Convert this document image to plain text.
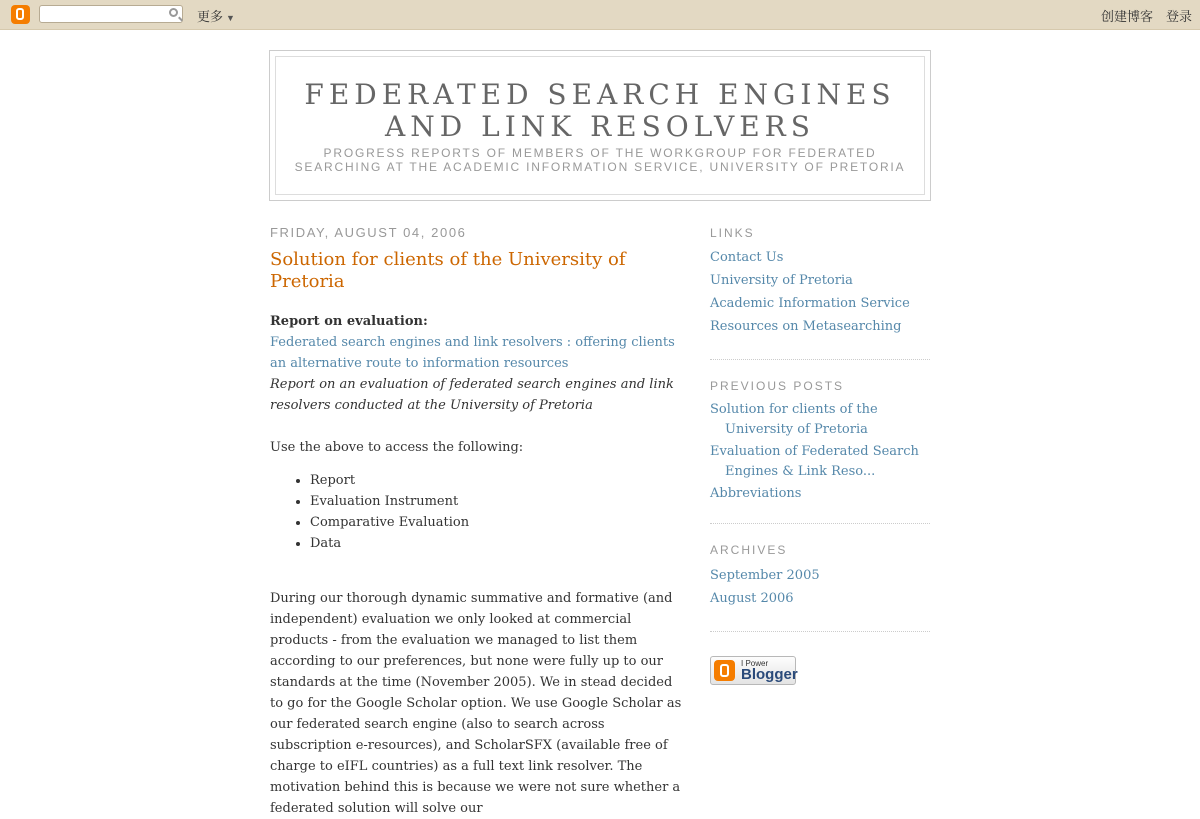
更多 ▼	创建博客 登录
FEDERATED SEARCH ENGINES AND LINK RESOLVERS
PROGRESS REPORTS OF MEMBERS OF THE WORKGROUP FOR FEDERATED SEARCHING AT THE ACADEMIC INFORMATION SERVICE, UNIVERSITY OF PRETORIA
FRIDAY, AUGUST 04, 2006
Solution for clients of the University of Pretoria

Report on evaluation:
Federated search engines and link resolvers : offering clients an alternative route to information resources
Report on an evaluation of federated search engines and link resolvers conducted at the University of Pretoria

Use the above to access the following:

• Report
• Evaluation Instrument
• Comparative Evaluation
• Data

During our thorough dynamic summative and formative (and independent) evaluation we only looked at commercial products - from the evaluation we managed to list them according to our preferences, but none were fully up to our standards at the time (November 2005). We in stead decided to go for the Google Scholar option. We use Google Scholar as our federated search engine (also to search across subscription e-resources), and ScholarSFX (available free of charge to eIFL countries) as a full text link resolver. The motivation behind this is because we were not sure whether a federated solution will solve our

LINKS
Contact Us
University of Pretoria
Academic Information Service
Resources on Metasearching
PREVIOUS POSTS
Solution for clients of the University of Pretoria
Evaluation of Federated Search Engines & Link Reso...
Abbreviations
ARCHIVES
September 2005
August 2006
I Power
Blogger
